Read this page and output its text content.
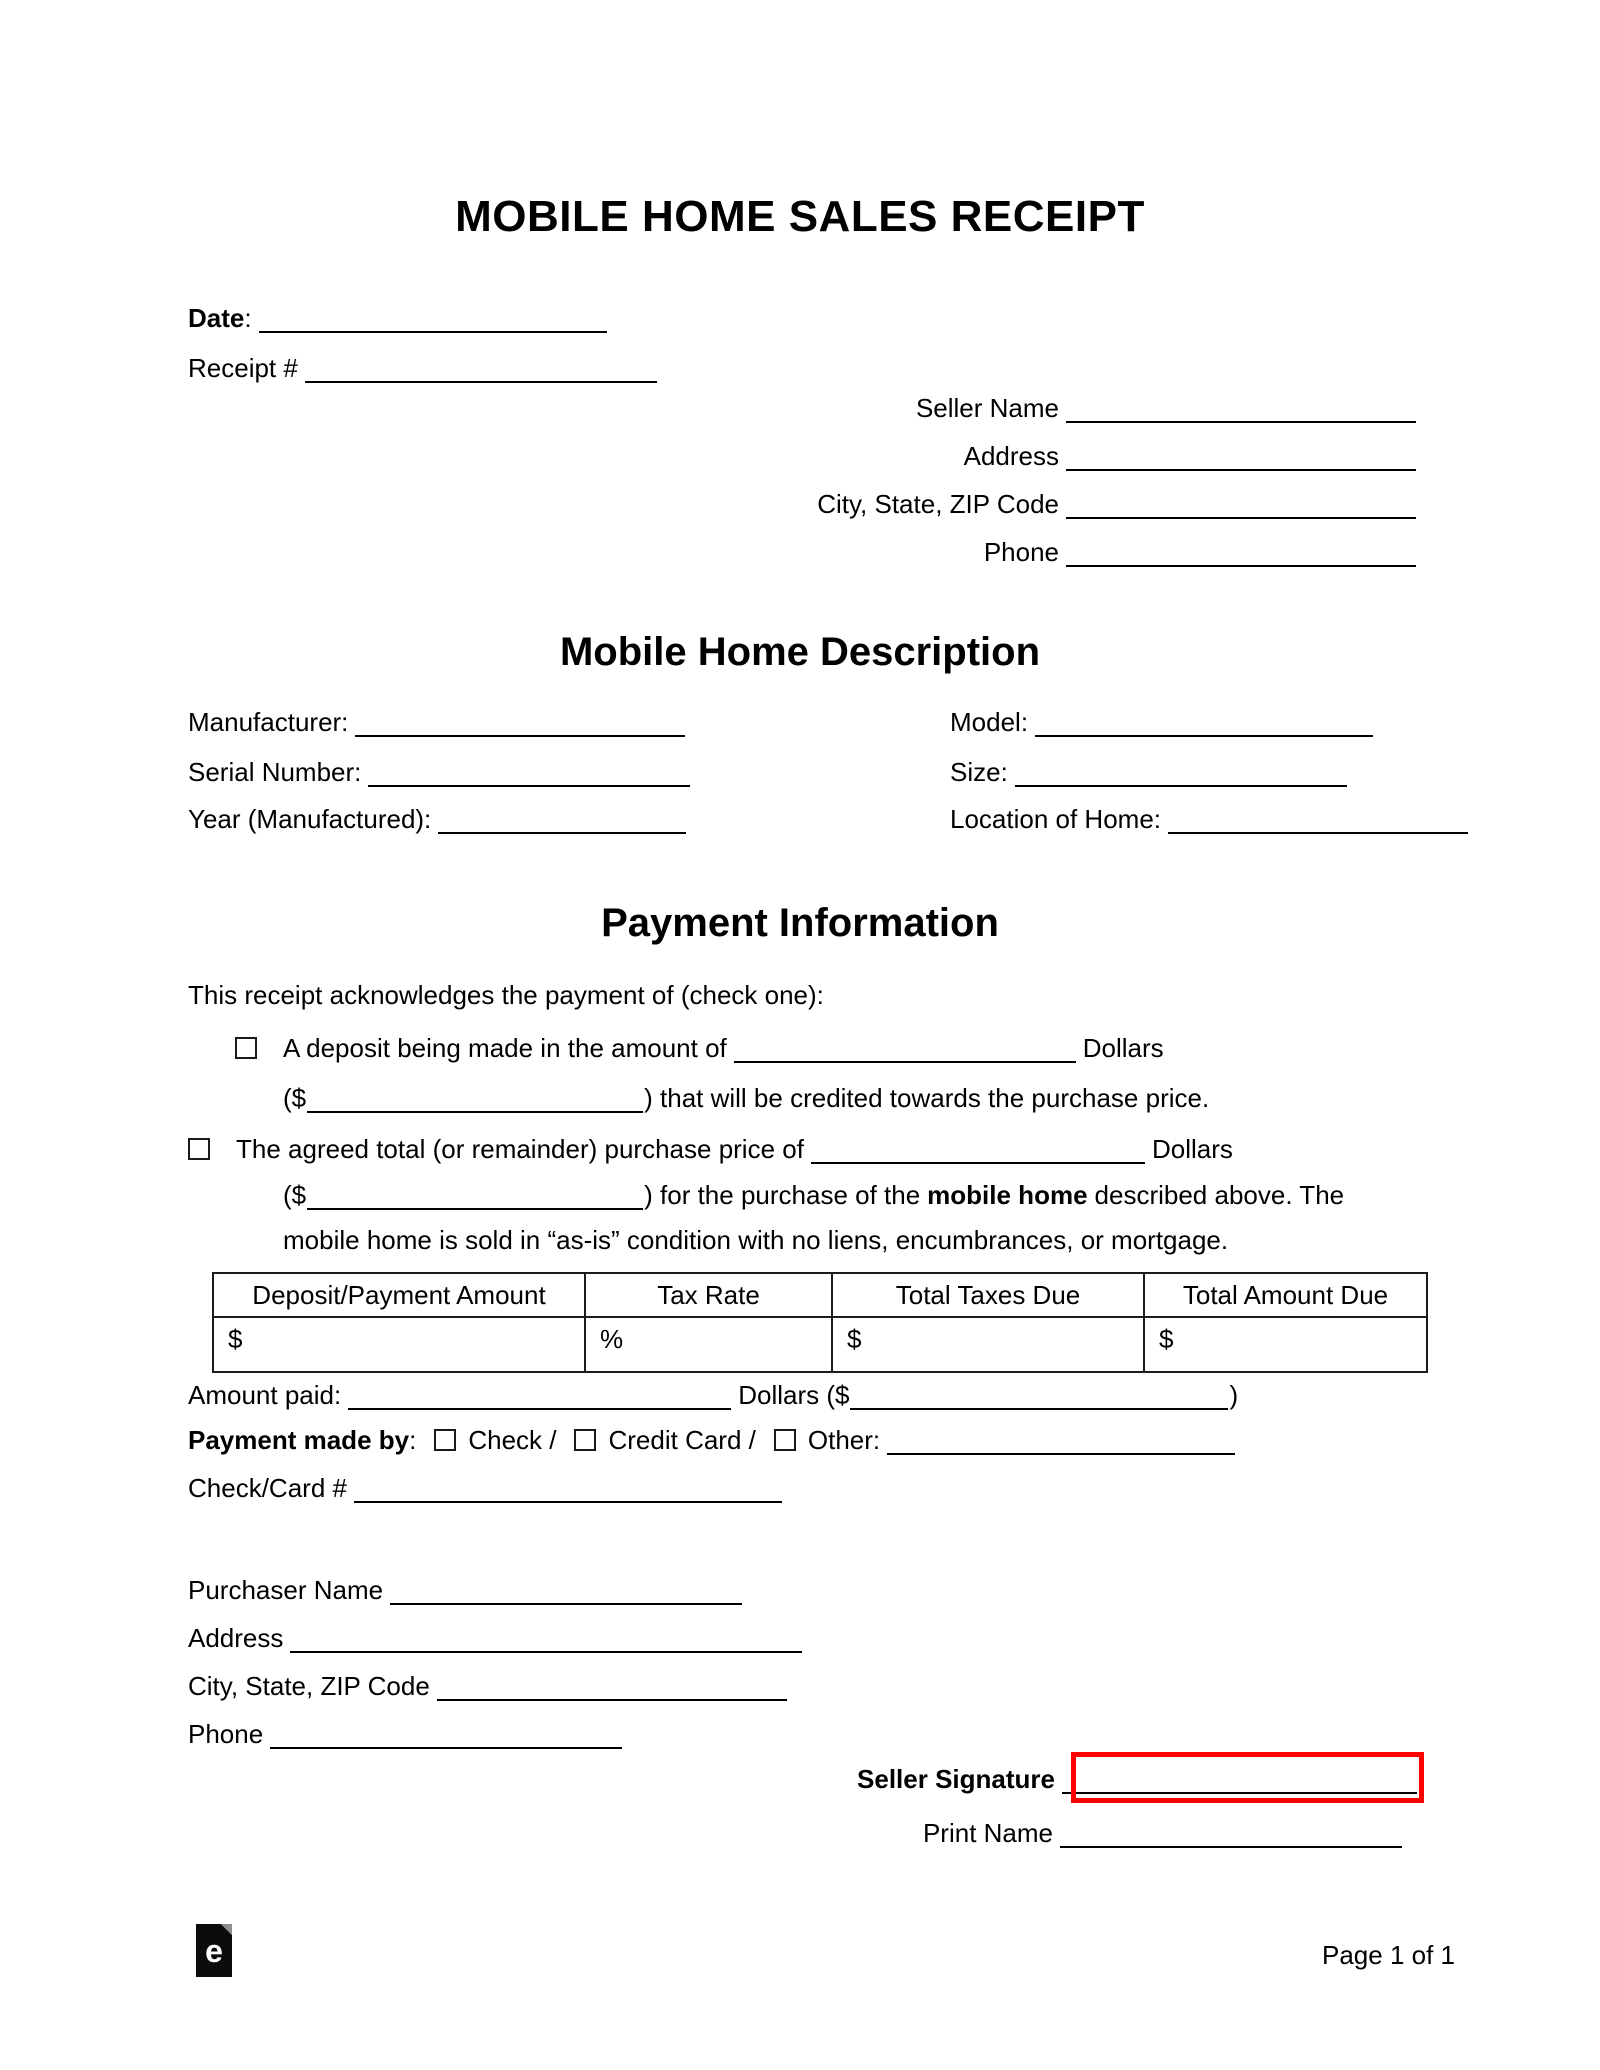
MOBILE HOME SALES RECEIPT
Date:
Receipt #
Seller Name
Address
City, State, ZIP Code
Phone
Mobile Home Description
Manufacturer:	Model:
Serial Number:	Size:
Year (Manufactured):	Location of Home:
Payment Information
This receipt acknowledges the payment of (check one):
A deposit being made in the amount of	Dollars
($	) that will be credited towards the purchase price.
The agreed total (or remainder) purchase price of	Dollars
($	) for the purchase of the mobile home described above. The
mobile home is sold in “as-is” condition with no liens, encumbrances, or mortgage.
Deposit/Payment Amount	Tax Rate	Total Taxes Due	Total Amount Due
$	%	$	$
Amount paid:	Dollars ($	)
Payment made by: Check / Credit Card / Other:
Check/Card #
Purchaser Name
Address
City, State, ZIP Code
Phone
Seller Signature
Print Name
e	Page 1 of 1
